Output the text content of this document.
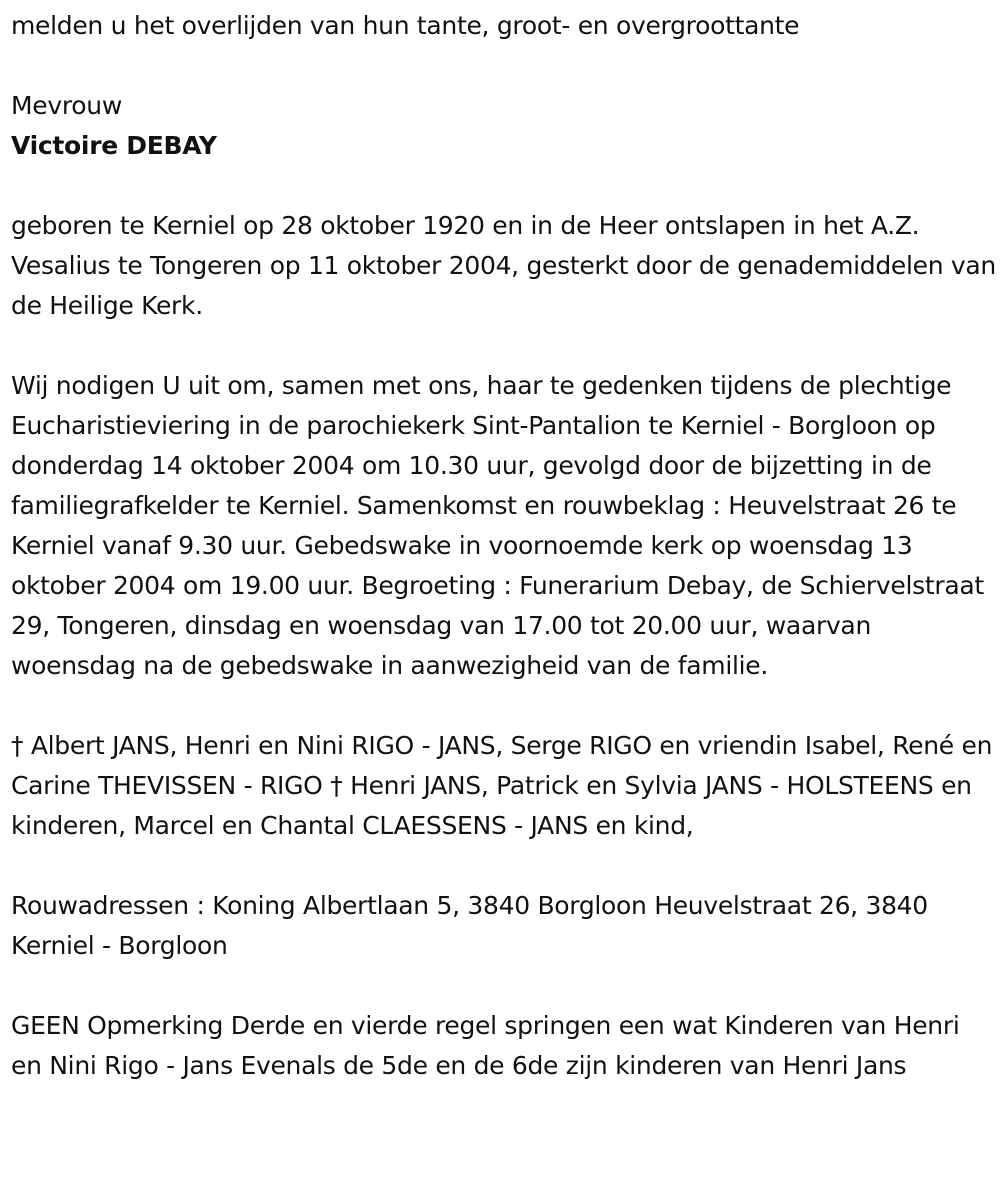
melden u het overlijden van hun tante, groot- en overgroottante

Mevrouw

Victoire DEBAY

geboren te Kerniel op 28 oktober 1920 en in de Heer ontslapen in het A.Z. Vesalius te Tongeren op 11 oktober 2004, gesterkt door de genademiddelen van de Heilige Kerk.

Wij nodigen U uit om, samen met ons, haar te gedenken tijdens de plechtige Eucharistieviering in de parochiekerk Sint-Pantalion te Kerniel - Borgloon op donderdag 14 oktober 2004 om 10.30 uur, gevolgd door de bijzetting in de familiegrafkelder te Kerniel. Samenkomst en rouwbeklag : Heuvelstraat 26 te Kerniel vanaf 9.30 uur. Gebedswake in voornoemde kerk op woensdag 13 oktober 2004 om 19.00 uur. Begroeting : Funerarium Debay, de Schiervelstraat 29, Tongeren, dinsdag en woensdag van 17.00 tot 20.00 uur, waarvan woensdag na de gebedswake in aanwezigheid van de familie.

† Albert JANS, Henri en Nini RIGO - JANS, Serge RIGO en vriendin Isabel, René en Carine THEVISSEN - RIGO † Henri JANS, Patrick en Sylvia JANS - HOLSTEENS en kinderen, Marcel en Chantal CLAESSENS - JANS en kind,

Rouwadressen : Koning Albertlaan 5, 3840 Borgloon Heuvelstraat 26, 3840 Kerniel - Borgloon

GEEN Opmerking Derde en vierde regel springen een wat Kinderen van Henri en Nini Rigo - Jans Evenals de 5de en de 6de zijn kinderen van Henri Jans
